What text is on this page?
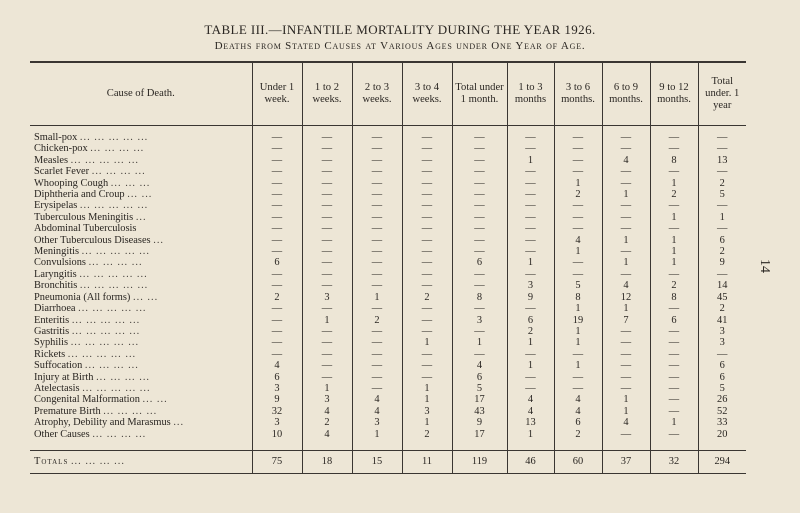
TABLE III.—INFANTILE MORTALITY DURING THE YEAR 1926.
Deaths from Stated Causes at Various Ages under One Year of Age.
14
Cause of Death.	Under 1 week.	1 to 2 weeks.	2 to 3 weeks.	3 to 4 weeks.	Total under 1 month.	1 to 3 months	3 to 6 months.	6 to 9 months.	9 to 12 months.	Total under. 1 year
Small-pox ... ... ... ... ...	—	—	—	—	—	—	—	—	—	—
Chicken-pox ... ... ... ...	—	—	—	—	—	—	—	—	—	—
Measles ... ... ... ... ...	—	—	—	—	—	1	—	4	8	13
Scarlet Fever ... ... ... ...	—	—	—	—	—	—	—	—	—	—
Whooping Cough ... ... ...	—	—	—	—	—	—	1	—	1	2
Diphtheria and Croup ... ...	—	—	—	—	—	—	2	1	2	5
Erysipelas ... ... ... ... ...	—	—	—	—	—	—	—	—	—	—
Tuberculous Meningitis ...	—	—	—	—	—	—	—	—	1	1
Abdominal Tuberculosis	—	—	—	—	—	—	—	—	—	—
Other Tuberculous Diseases ...	—	—	—	—	—	—	4	1	1	6
Meningitis ... ... ... ... ...	—	—	—	—	—	—	1	—	1	2
Convulsions ... ... ... ...	6	—	—	—	6	1	—	1	1	9
Laryngitis ... ... ... ... ...	—	—	—	—	—	—	—	—	—	—
Bronchitis ... ... ... ... ...	—	—	—	—	—	3	5	4	2	14
Pneumonia (All forms) ... ...	2	3	1	2	8	9	8	12	8	45
Diarrhoea ... ... ... ... ...	—	—	—	—	—	—	1	1	—	2
Enteritis ... ... ... ... ...	—	1	2	—	3	6	19	7	6	41
Gastritis ... ... ... ... ...	—	—	—	—	—	2	1	—	—	3
Syphilis ... ... ... ... ...	—	—	—	1	1	1	1	—	—	3
Rickets ... ... ... ... ...	—	—	—	—	—	—	—	—	—	—
Suffocation ... ... ... ...	4	—	—	—	4	1	1	—	—	6
Injury at Birth ... ... ... ...	6	—	—	—	6	—	—	—	—	6
Atelectasis ... ... ... ... ...	3	1	—	1	5	—	—	—	—	5
Congenital Malformation ... ...	9	3	4	1	17	4	4	1	—	26
Premature Birth ... ... ... ...	32	4	4	3	43	4	4	1	—	52
Atrophy, Debility and Marasmus ...	3	2	3	1	9	13	6	4	1	33
Other Causes ... ... ... ...	10	4	1	2	17	1	2	—	—	20

Totals ... ... ... ...	75	18	15	11	119	46	60	37	32	294
